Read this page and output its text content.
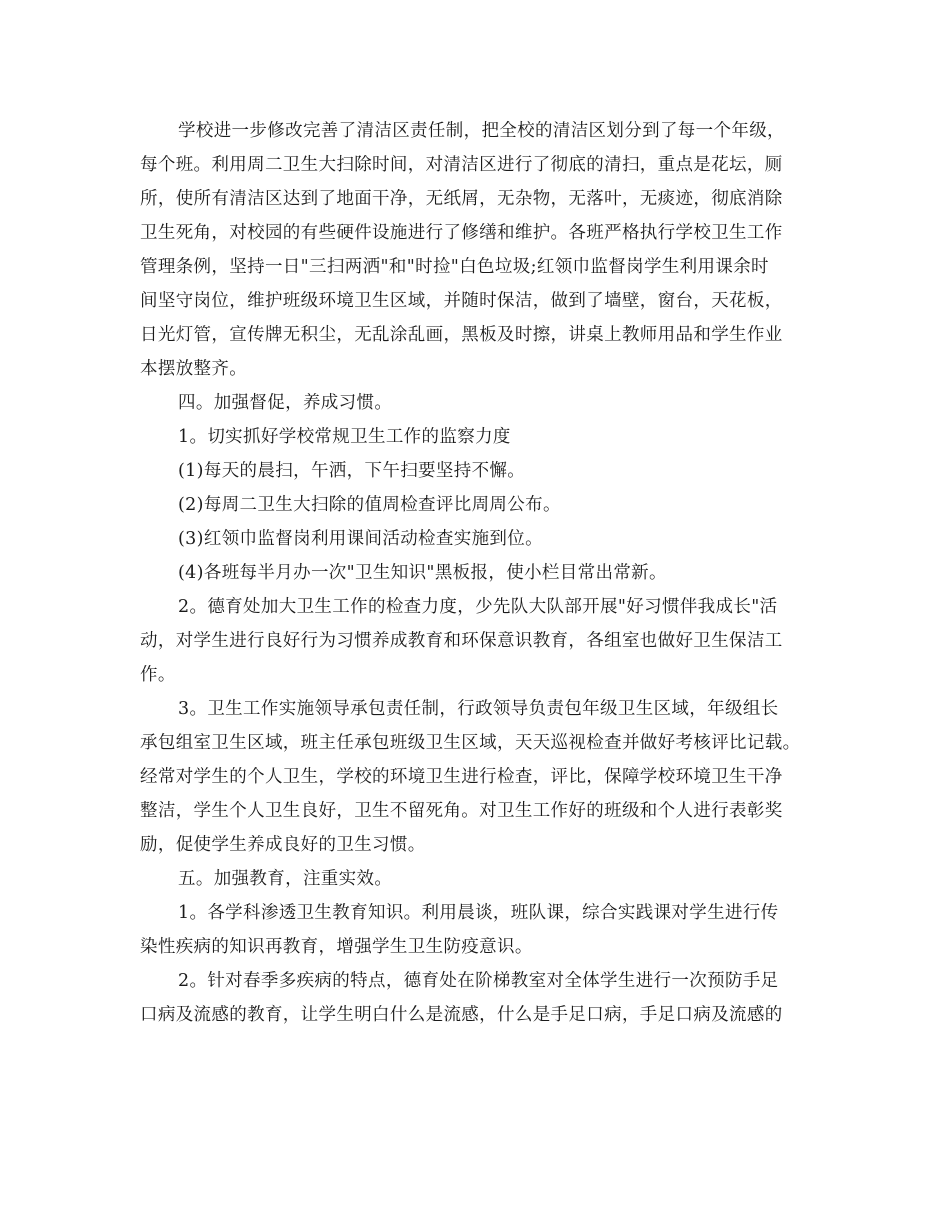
学校进一步修改完善了清洁区责任制，把全校的清洁区划分到了每一个年级，
每个班。利用周二卫生大扫除时间，对清洁区进行了彻底的清扫，重点是花坛，厕
所，使所有清洁区达到了地面干净，无纸屑，无杂物，无落叶，无痰迹，彻底消除
卫生死角，对校园的有些硬件设施进行了修缮和维护。各班严格执行学校卫生工作
管理条例，坚持一日"三扫两洒"和"时捡"白色垃圾;红领巾监督岗学生利用课余时
间坚守岗位，维护班级环境卫生区域，并随时保洁，做到了墙壁，窗台，天花板，
日光灯管，宣传牌无积尘，无乱涂乱画，黑板及时擦，讲桌上教师用品和学生作业
本摆放整齐。
四。加强督促，养成习惯。
1。切实抓好学校常规卫生工作的监察力度
(1)每天的晨扫，午洒，下午扫要坚持不懈。
(2)每周二卫生大扫除的值周检查评比周周公布。
(3)红领巾监督岗利用课间活动检查实施到位。
(4)各班每半月办一次"卫生知识"黑板报，使小栏目常出常新。
2。德育处加大卫生工作的检查力度，少先队大队部开展"好习惯伴我成长"活
动，对学生进行良好行为习惯养成教育和环保意识教育，各组室也做好卫生保洁工
作。
3。卫生工作实施领导承包责任制，行政领导负责包年级卫生区域，年级组长
承包组室卫生区域，班主任承包班级卫生区域，天天巡视检查并做好考核评比记载。
经常对学生的个人卫生，学校的环境卫生进行检查，评比，保障学校环境卫生干净
整洁，学生个人卫生良好，卫生不留死角。对卫生工作好的班级和个人进行表彰奖
励，促使学生养成良好的卫生习惯。
五。加强教育，注重实效。
1。各学科渗透卫生教育知识。利用晨谈，班队课，综合实践课对学生进行传
染性疾病的知识再教育，增强学生卫生防疫意识。
2。针对春季多疾病的特点，德育处在阶梯教室对全体学生进行一次预防手足
口病及流感的教育，让学生明白什么是流感，什么是手足口病，手足口病及流感的
